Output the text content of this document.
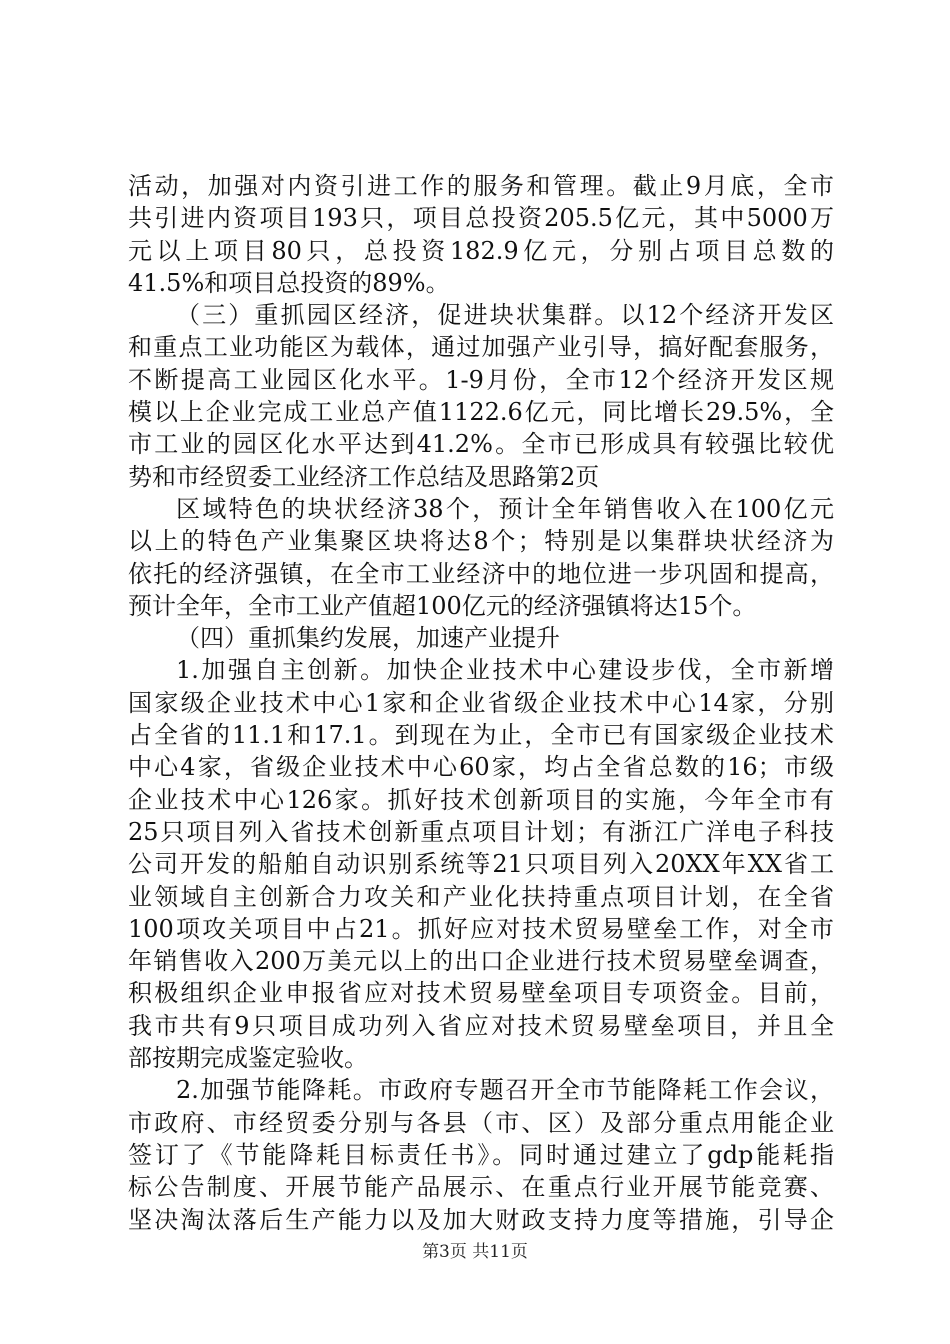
活动，加强对内资引进工作的服务和管理。截止9月底，全市
共引进内资项目193只，项目总投资205.5亿元，其中5000万
元以上项目80只，总投资182.9亿元，分别占项目总数的
41.5%和项目总投资的89%。
（三）重抓园区经济，促进块状集群。以12个经济开发区
和重点工业功能区为载体，通过加强产业引导，搞好配套服务，
不断提高工业园区化水平。1-9月份，全市12个经济开发区规
模以上企业完成工业总产值1122.6亿元，同比增长29.5%，全
市工业的园区化水平达到41.2%。全市已形成具有较强比较优
势和市经贸委工业经济工作总结及思路第2页
区域特色的块状经济38个，预计全年销售收入在100亿元
以上的特色产业集聚区块将达8个；特别是以集群块状经济为
依托的经济强镇，在全市工业经济中的地位进一步巩固和提高，
预计全年，全市工业产值超100亿元的经济强镇将达15个。
（四）重抓集约发展，加速产业提升
1.加强自主创新。加快企业技术中心建设步伐，全市新增
国家级企业技术中心1家和企业省级企业技术中心14家，分别
占全省的11.1和17.1。到现在为止，全市已有国家级企业技术
中心4家，省级企业技术中心60家，均占全省总数的16；市级
企业技术中心126家。抓好技术创新项目的实施，今年全市有
25只项目列入省技术创新重点项目计划；有浙江广洋电子科技
公司开发的船舶自动识别系统等21只项目列入20XX年XX省工
业领域自主创新合力攻关和产业化扶持重点项目计划，在全省
100项攻关项目中占21。抓好应对技术贸易壁垒工作，对全市
年销售收入200万美元以上的出口企业进行技术贸易壁垒调查，
积极组织企业申报省应对技术贸易壁垒项目专项资金。目前，
我市共有9只项目成功列入省应对技术贸易壁垒项目，并且全
部按期完成鉴定验收。
2.加强节能降耗。市政府专题召开全市节能降耗工作会议，
市政府、市经贸委分别与各县（市、区）及部分重点用能企业
签订了《节能降耗目标责任书》。同时通过建立了gdp能耗指
标公告制度、开展节能产品展示、在重点行业开展节能竞赛、
坚决淘汰落后生产能力以及加大财政支持力度等措施，引导企
第3页 共11页
